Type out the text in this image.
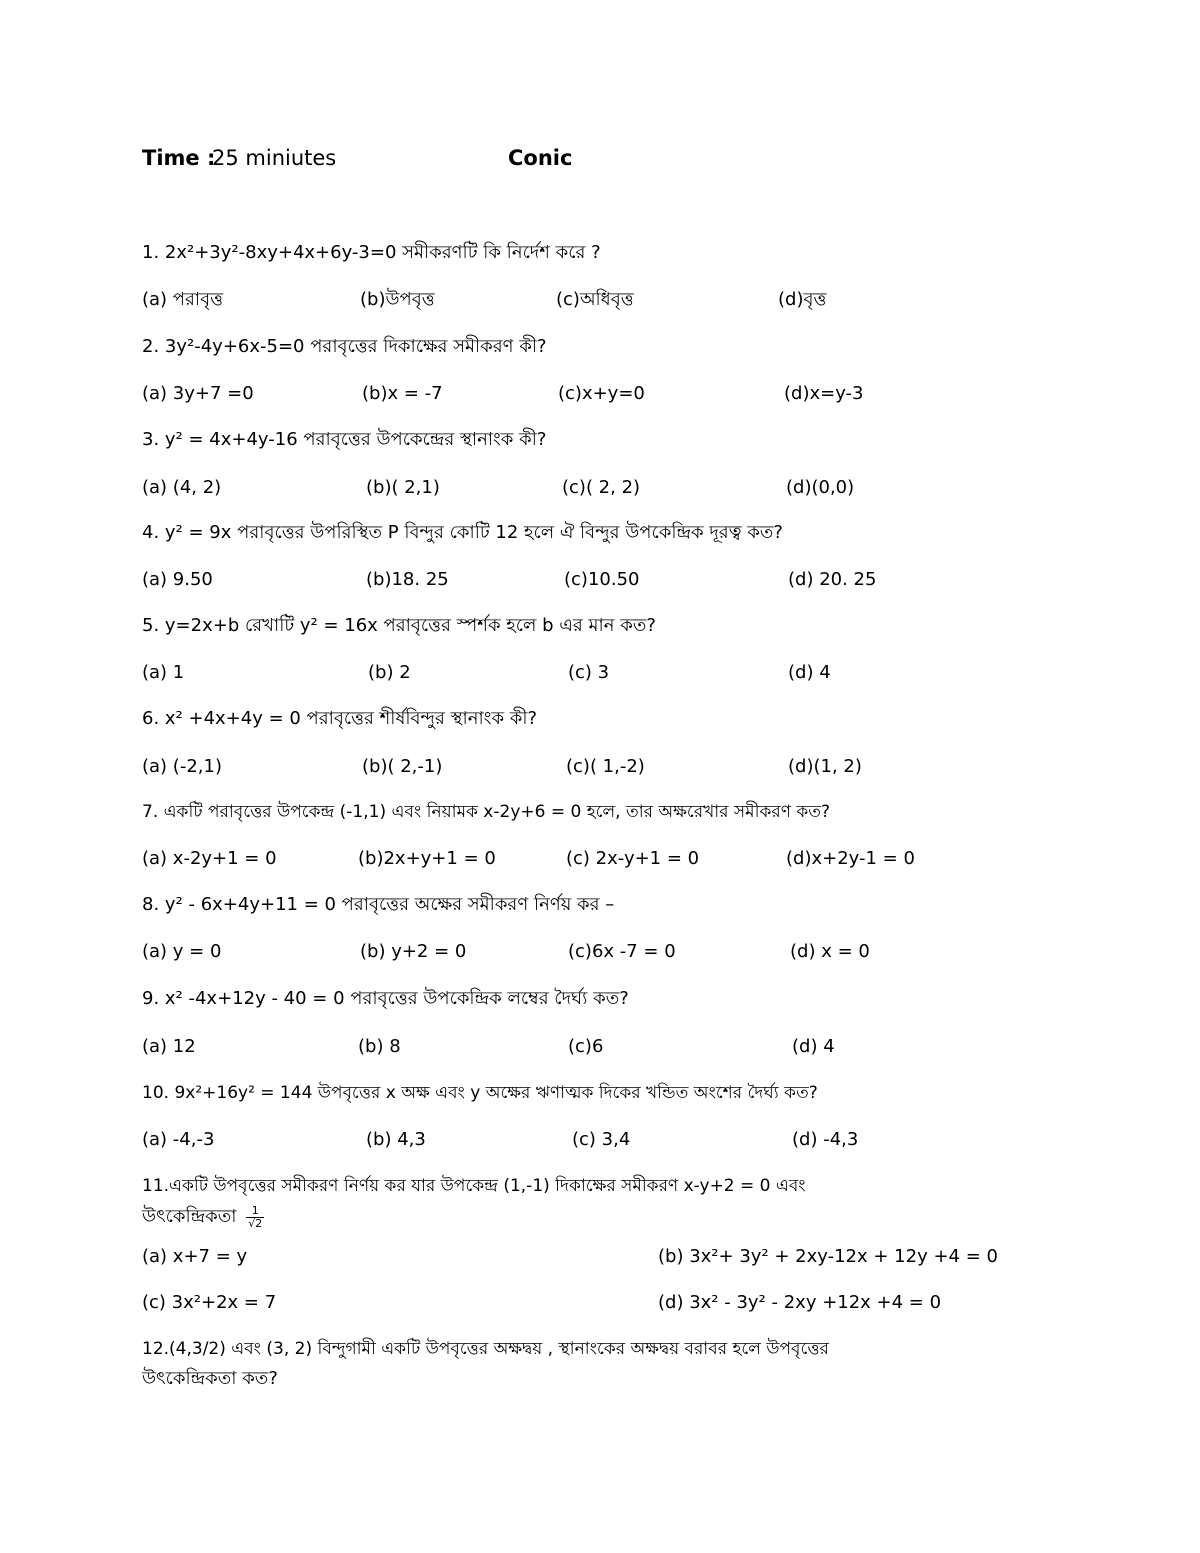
Time :
25 miniutes	Conic
1. 2x²+3y²-8xy+4x+6y-3=0 সমীকরণটি কি নির্দেশ করে ?
(a) পরাবৃত্ত	(b)উপবৃত্ত	(c)অধিবৃত্ত	(d)বৃত্ত
2. 3y²-4y+6x-5=0 পরাবৃত্তের দিকাক্ষের সমীকরণ কী?
(a) 3y+7 =0	(b)x = -7	(c)x+y=0	(d)x=y-3
3. y² = 4x+4y-16 পরাবৃত্তের উপকেন্দ্রের স্থানাংক কী?
(a) (4, 2)	(b)( 2,1)	(c)( 2, 2)	(d)(0,0)
4. y² = 9x পরাবৃত্তের উপরিস্থিত P বিন্দুর কোটি 12 হলে ঐ বিন্দুর উপকেন্দ্রিক দূরত্ব কত?
(a) 9.50	(b)18. 25	(c)10.50	(d) 20. 25
5. y=2x+b রেখাটি y² = 16x পরাবৃত্তের স্পর্শক হলে b এর মান কত?
(a) 1	(b) 2	(c) 3	(d) 4
6. x² +4x+4y = 0 পরাবৃত্তের শীর্ষবিন্দুর স্থানাংক কী?
(a) (-2,1)	(b)( 2,-1)	(c)( 1,-2)	(d)(1, 2)
7. একটি পরাবৃত্তের উপকেন্দ্র (-1,1) এবং নিয়ামক x-2y+6 = 0 হলে, তার অক্ষরেখার সমীকরণ কত?
(a) x-2y+1 = 0	(b)2x+y+1 = 0	(c) 2x-y+1 = 0	(d)x+2y-1 = 0
8. y² - 6x+4y+11 = 0 পরাবৃত্তের অক্ষের সমীকরণ নির্ণয় কর –
(a) y = 0	(b) y+2 = 0	(c)6x -7 = 0	(d) x = 0
9. x² -4x+12y - 40 = 0 পরাবৃত্তের উপকেন্দ্রিক লম্বের দৈর্ঘ্য কত?
(a) 12	(b) 8	(c)6	(d) 4
10. 9x²+16y² = 144 উপবৃত্তের x অক্ষ এবং y অক্ষের ঋণাত্মক দিকের খন্ডিত অংশের দৈর্ঘ্য কত?
(a) -4,-3	(b) 4,3	(c) 3,4	(d) -4,3
11.একটি উপবৃত্তের সমীকরণ নির্ণয় কর যার উপকেন্দ্র (1,-1) দিকাক্ষের সমীকরণ x-y+2 = 0 এবং
উৎকেন্দ্রিকতা $\frac{1}{√2}$
(a) x+7 = y	(b) 3x²+ 3y² + 2xy-12x + 12y +4 = 0
(c) 3x²+2x = 7	(d) 3x² - 3y² - 2xy +12x +4 = 0
12.(4,3/2) এবং (3, 2) বিন্দুগামী একটি উপবৃত্তের অক্ষদ্বয় , স্থানাংকের অক্ষদ্বয় বরাবর হলে উপবৃত্তের
উৎকেন্দ্রিকতা কত?
